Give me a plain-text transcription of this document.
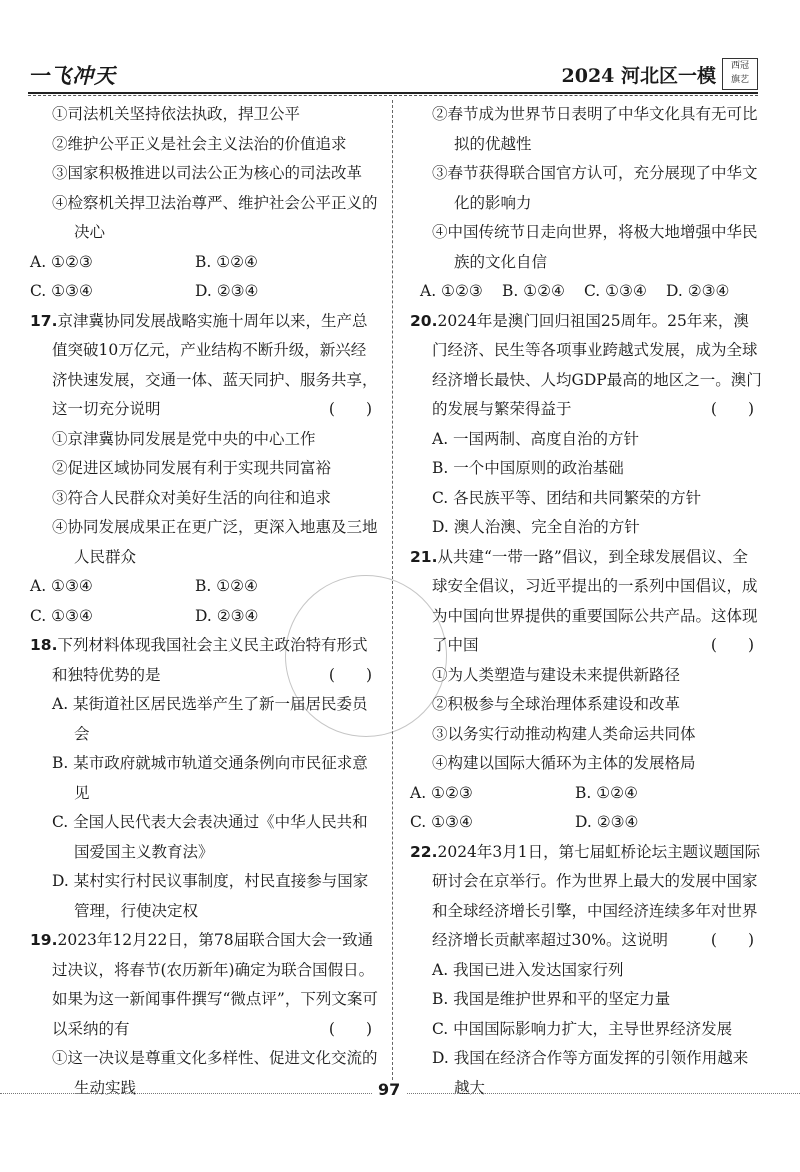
一飞冲天	2024 河北区一模	西冠
旗艺
①司法机关坚持依法执政，捍卫公平
②维护公平正义是社会主义法治的价值追求
③国家积极推进以司法公正为核心的司法改革
④检察机关捍卫法治尊严、维护社会公平正义的决心
A. ①②③	B. ①②④
C. ①③④	D. ②③④
17.京津冀协同发展战略实施十周年以来，生产总值突破10万亿元，产业结构不断升级，新兴经济快速发展，交通一体、蓝天同护、服务共享，这一切充分说明	(　　)
①京津冀协同发展是党中央的中心工作
②促进区域协同发展有利于实现共同富裕
③符合人民群众对美好生活的向往和追求
④协同发展成果正在更广泛，更深入地惠及三地人民群众
A. ①③④	B. ①②④
C. ①③④	D. ②③④
18.下列材料体现我国社会主义民主政治特有形式和独特优势的是	(　　)
A. 某街道社区居民选举产生了新一届居民委员会
B. 某市政府就城市轨道交通条例向市民征求意见
C. 全国人民代表大会表决通过《中华人民共和国爱国主义教育法》
D. 某村实行村民议事制度，村民直接参与国家管理，行使决定权
19.2023年12月22日，第78届联合国大会一致通过决议，将春节(农历新年)确定为联合国假日。如果为这一新闻事件撰写“微点评”，下列文案可以采纳的有	(　　)
①这一决议是尊重文化多样性、促进文化交流的生动实践
②春节成为世界节日表明了中华文化具有无可比拟的优越性
③春节获得联合国官方认可，充分展现了中华文化的影响力
④中国传统节日走向世界，将极大地增强中华民族的文化自信
A. ①②③	B. ①②④	C. ①③④	D. ②③④
20.2024年是澳门回归祖国25周年。25年来，澳门经济、民生等各项事业跨越式发展，成为全球经济增长最快、人均GDP最高的地区之一。澳门的发展与繁荣得益于	(　　)
A. 一国两制、高度自治的方针
B. 一个中国原则的政治基础
C. 各民族平等、团结和共同繁荣的方针
D. 澳人治澳、完全自治的方针
21.从共建“一带一路”倡议，到全球发展倡议、全球安全倡议，习近平提出的一系列中国倡议，成为中国向世界提供的重要国际公共产品。这体现了中国	(　　)
①为人类塑造与建设未来提供新路径
②积极参与全球治理体系建设和改革
③以务实行动推动构建人类命运共同体
④构建以国际大循环为主体的发展格局
A. ①②③	B. ①②④
C. ①③④	D. ②③④
22.2024年3月1日，第七届虹桥论坛主题议题国际研讨会在京举行。作为世界上最大的发展中国家和全球经济增长引擎，中国经济连续多年对世界经济增长贡献率超过30%。这说明	(　　)
A. 我国已进入发达国家行列
B. 我国是维护世界和平的坚定力量
C. 中国国际影响力扩大，主导世界经济发展
D. 我国在经济合作等方面发挥的引领作用越来越大
97
